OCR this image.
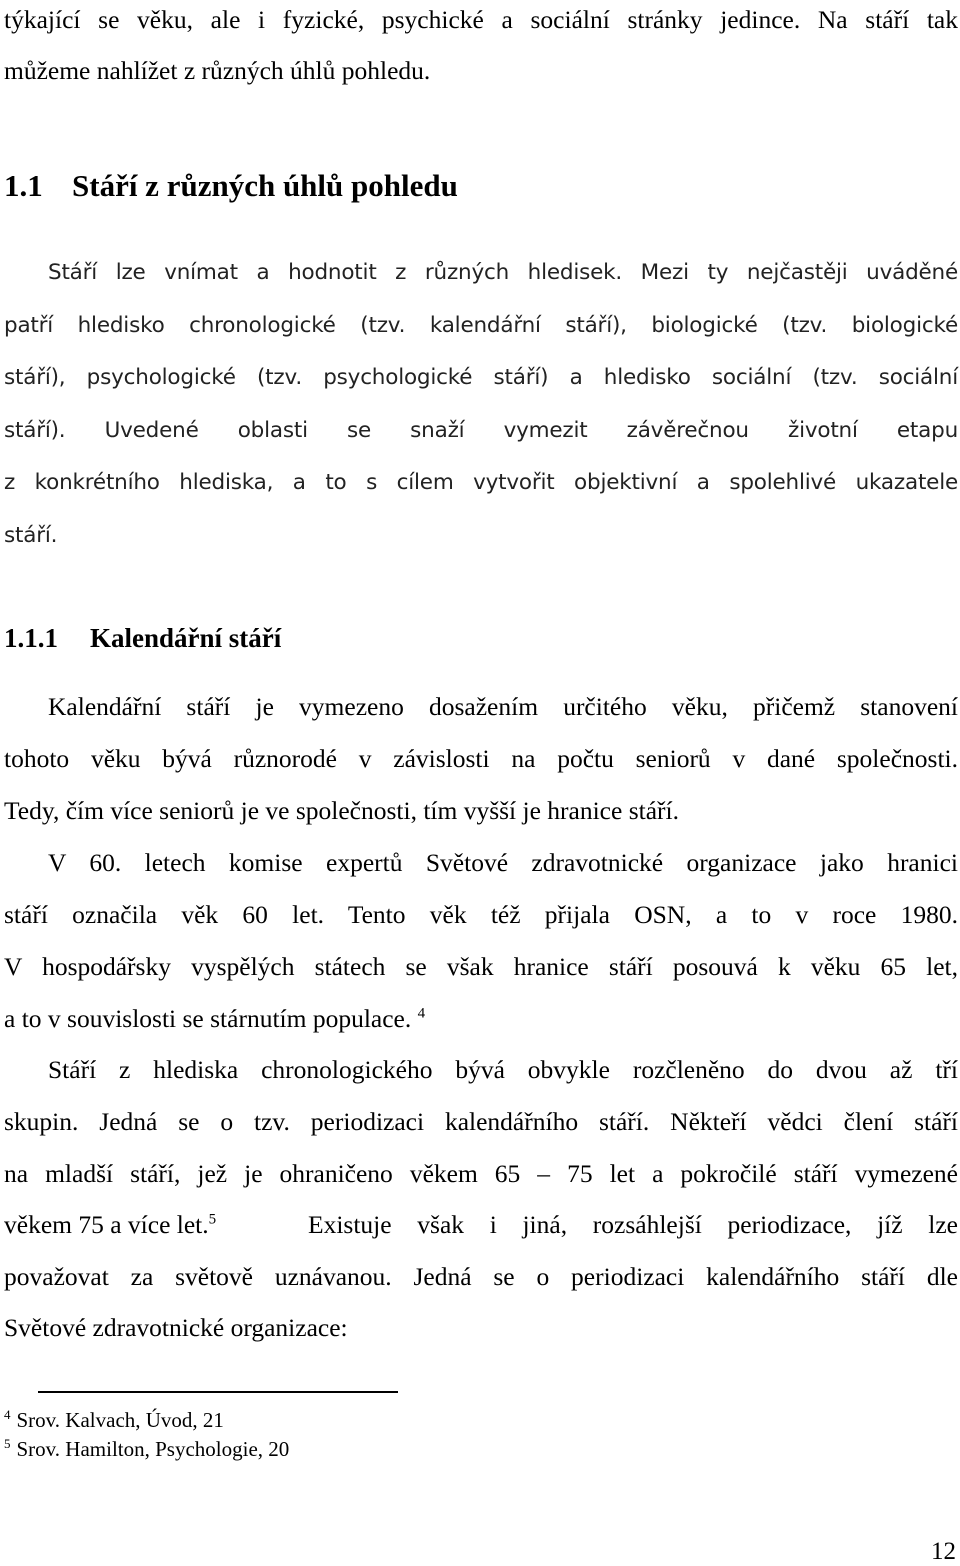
týkající se věku, ale i fyzické, psychické a sociální stránky jedince. Na stáří tak
můžeme nahlížet z různých úhlů pohledu.
1.1 Stáří z různých úhlů pohledu
Stáří lze vnímat a hodnotit z různých hledisek. Mezi ty nejčastěji uváděné
patří hledisko chronologické (tzv. kalendářní stáří), biologické (tzv. biologické
stáří), psychologické (tzv. psychologické stáří) a hledisko sociální (tzv. sociální
stáří). Uvedené oblasti se snaží vymezit závěrečnou životní etapu
z konkrétního hlediska, a to s cílem vytvořit objektivní a spolehlivé ukazatele
stáří.
1.1.1 Kalendářní stáří
Kalendářní stáří je vymezeno dosažením určitého věku, přičemž stanovení
tohoto věku bývá různorodé v závislosti na počtu seniorů v dané společnosti.
Tedy, čím více seniorů je ve společnosti, tím vyšší je hranice stáří.
V 60. letech komise expertů Světové zdravotnické organizace jako hranici
stáří označila věk 60 let. Tento věk též přijala OSN, a to v roce 1980.
V hospodářsky vyspělých státech se však hranice stáří posouvá k věku 65 let,
a to v souvislosti se stárnutím populace. $^4$
Stáří z hlediska chronologického bývá obvykle rozčleněno do dvou až tří
skupin. Jedná se o tzv. periodizaci kalendářního stáří. Někteří vědci člení stáří
na mladší stáří, jež je ohraničeno věkem 65 – 75 let a pokročilé stáří vymezené
věkem 75 a více let.$^5$	Existuje však i jiná, rozsáhlejší periodizace, jíž lze
považovat za světově uznávanou. Jedná se o periodizaci kalendářního stáří dle
Světové zdravotnické organizace:
$^4$ Srov. Kalvach, Úvod, 21
$^5$ Srov. Hamilton, Psychologie, 20
12
